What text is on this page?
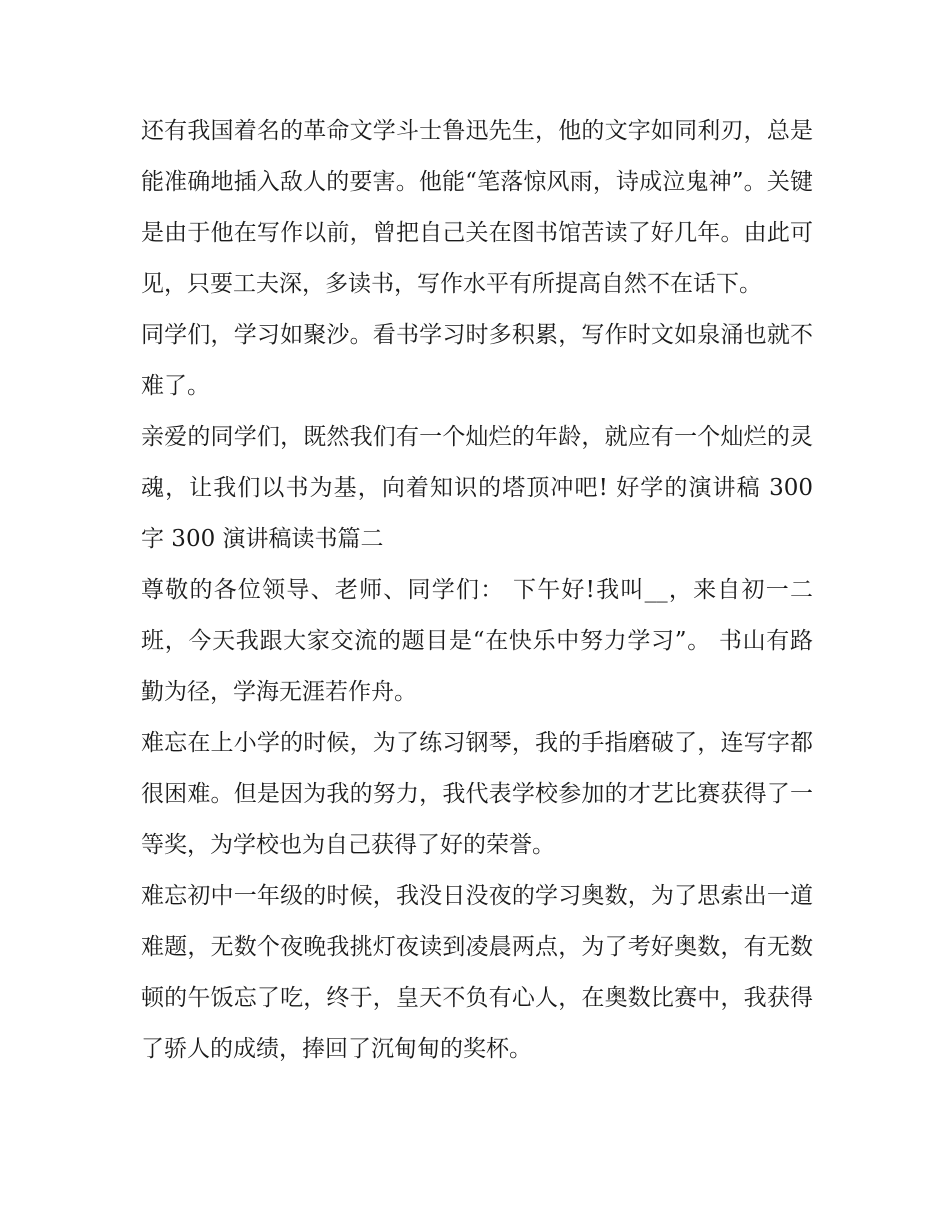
还有我国着名的革命文学斗士鲁迅先生，他的文字如同利刃，总是能准确地插入敌人的要害。他能“笔落惊风雨，诗成泣鬼神”。关键是由于他在写作以前，曾把自己关在图书馆苦读了好几年。由此可见，只要工夫深，多读书，写作水平有所提高自然不在话下。

同学们，学习如聚沙。看书学习时多积累，写作时文如泉涌也就不难了。

亲爱的同学们，既然我们有一个灿烂的年龄，就应有一个灿烂的灵魂，让我们以书为基，向着知识的塔顶冲吧! 好学的演讲稿 300 字 300 演讲稿读书篇二

尊敬的各位领导、老师、同学们： 下午好!我叫__，来自初一二班，今天我跟大家交流的题目是“在快乐中努力学习”。 书山有路勤为径，学海无涯若作舟。

难忘在上小学的时候，为了练习钢琴，我的手指磨破了，连写字都很困难。但是因为我的努力，我代表学校参加的才艺比赛获得了一等奖，为学校也为自己获得了好的荣誉。

难忘初中一年级的时候，我没日没夜的学习奥数，为了思索出一道难题，无数个夜晚我挑灯夜读到凌晨两点，为了考好奥数，有无数顿的午饭忘了吃，终于，皇天不负有心人，在奥数比赛中，我获得了骄人的成绩，捧回了沉甸甸的奖杯。
